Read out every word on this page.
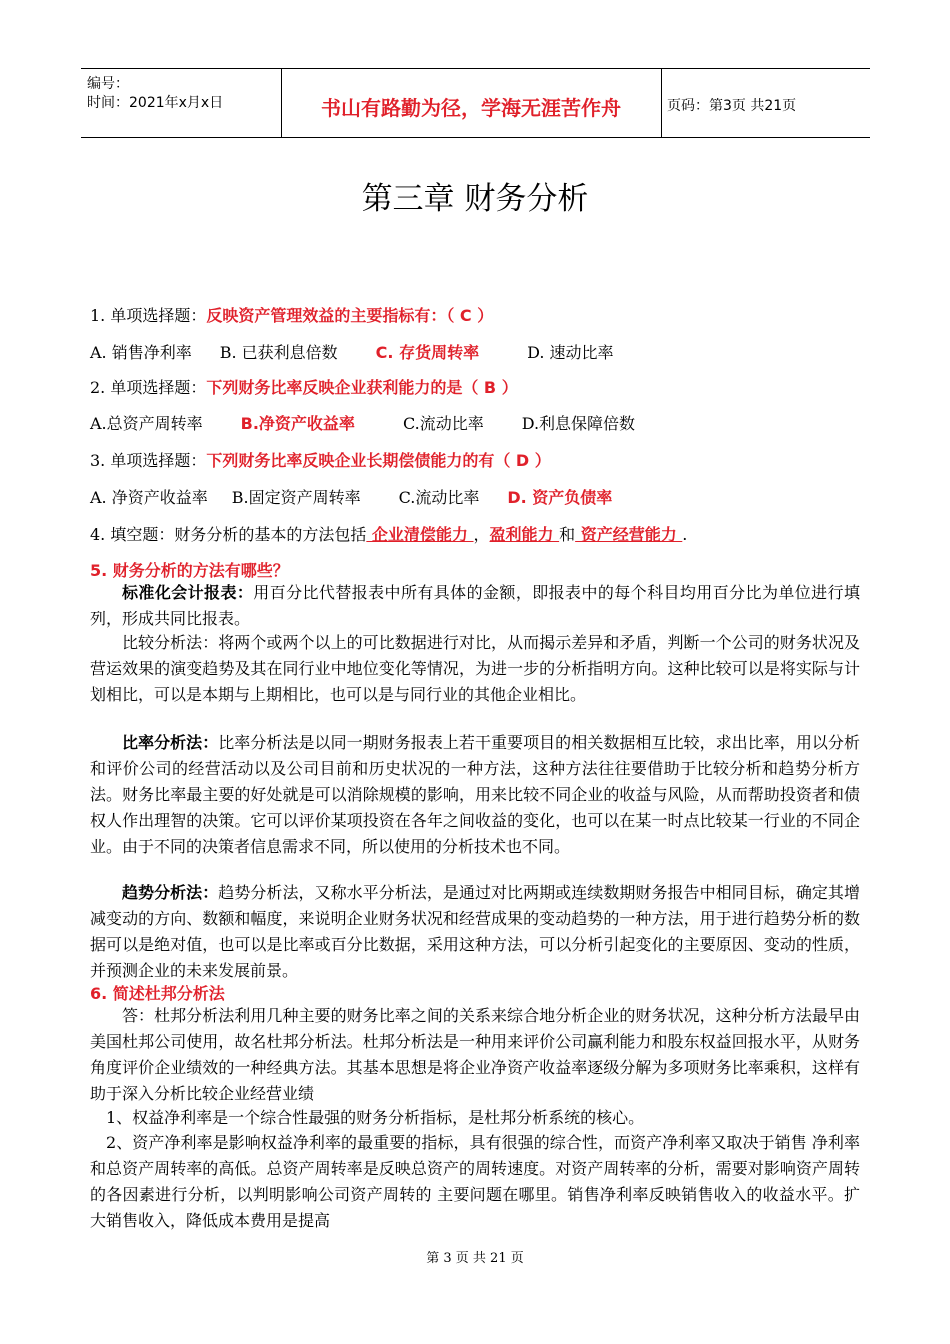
编号：
时间：2021年x月x日	书山有路勤为径，学海无涯苦作舟	页码：第3页 共21页
第三章 财务分析
1. 单项选择题：反映资产管理效益的主要指标有：（ C ）
A. 销售净利率 B. 已获利息倍数 C. 存货周转率	D. 速动比率
2. 单项选择题：下列财务比率反映企业获利能力的是（ B ）
A.总资产周转率 B.净资产收益率	C.流动比率 D.利息保障倍数
3. 单项选择题：下列财务比率反映企业长期偿债能力的有（ D ）
A. 净资产收益率 B.固定资产周转率 C.流动比率 D. 资产负债率
4. 填空题：财务分析的基本的方法包括 企业清偿能力 ，盈利能力 和 资产经营能力 .
5. 财务分析的方法有哪些？
标准化会计报表：用百分比代替报表中所有具体的金额，即报表中的每个科目均用百分比为单位进行填列，形成共同比报表。
比较分析法：将两个或两个以上的可比数据进行对比，从而揭示差异和矛盾，判断一个公司的财务状况及营运效果的演变趋势及其在同行业中地位变化等情况，为进一步的分析指明方向。这种比较可以是将实际与计划相比，可以是本期与上期相比，也可以是与同行业的其他企业相比。
比率分析法：比率分析法是以同一期财务报表上若干重要项目的相关数据相互比较，求出比率，用以分析和评价公司的经营活动以及公司目前和历史状况的一种方法，这种方法往往要借助于比较分析和趋势分析方法。财务比率最主要的好处就是可以消除规模的影响，用来比较不同企业的收益与风险，从而帮助投资者和债权人作出理智的决策。它可以评价某项投资在各年之间收益的变化，也可以在某一时点比较某一行业的不同企业。由于不同的决策者信息需求不同，所以使用的分析技术也不同。
趋势分析法：趋势分析法，又称水平分析法，是通过对比两期或连续数期财务报告中相同目标，确定其增减变动的方向、数额和幅度，来说明企业财务状况和经营成果的变动趋势的一种方法，用于进行趋势分析的数据可以是绝对值，也可以是比率或百分比数据，采用这种方法，可以分析引起变化的主要原因、变动的性质，并预测企业的未来发展前景。
6. 简述杜邦分析法
答：杜邦分析法利用几种主要的财务比率之间的关系来综合地分析企业的财务状况，这种分析方法最早由美国杜邦公司使用，故名杜邦分析法。杜邦分析法是一种用来评价公司赢利能力和股东权益回报水平，从财务角度评价企业绩效的一种经典方法。其基本思想是将企业净资产收益率逐级分解为多项财务比率乘积，这样有助于深入分析比较企业经营业绩
1、权益净利率是一个综合性最强的财务分析指标，是杜邦分析系统的核心。
2、资产净利率是影响权益净利率的最重要的指标，具有很强的综合性，而资产净利率又取决于销售 净利率和总资产周转率的高低。总资产周转率是反映总资产的周转速度。对资产周转率的分析，需要对影响资产周转的各因素进行分析，以判明影响公司资产周转的 主要问题在哪里。销售净利率反映销售收入的收益水平。扩大销售收入，降低成本费用是提高
第 3 页 共 21 页
